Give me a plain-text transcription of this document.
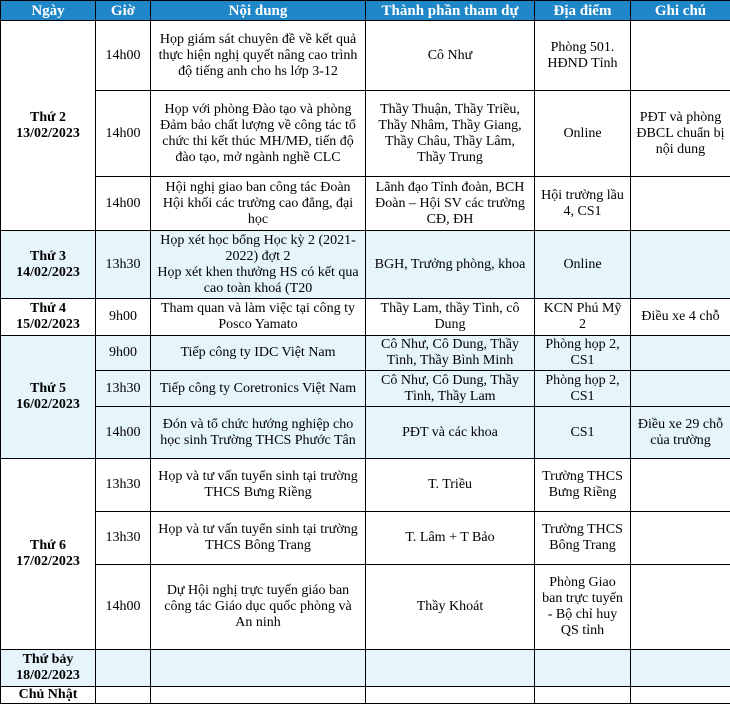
Ngày	Giờ	Nội dung	Thành phần tham dự	Địa điểm	Ghi chú

Thứ 2
13/02/2023	14h00	Họp giám sát chuyên đề về kết quả thực hiện nghị quyết nâng cao trình độ tiếng anh cho hs lớp 3-12	Cô Như	Phòng 501. HĐND Tỉnh	
	14h00	Họp với phòng Đào tạo và phòng Đảm bảo chất lượng về công tác tổ chức thi kết thúc MH/MĐ, tiến độ đào tạo, mở ngành nghề CLC	Thầy Thuận, Thầy Triều, Thầy Nhâm, Thầy Giang, Thầy Châu, Thầy Lâm, Thầy Trung	Online	PĐT và phòng ĐBCL chuẩn bị nội dung
	14h00	Hội nghị giao ban công tác Đoàn Hội khối các trường cao đẳng, đại học	Lãnh đạo Tỉnh đoàn, BCH Đoàn – Hội SV các trường CĐ, ĐH	Hội trường lầu 4, CS1	

Thứ 3
14/02/2023	13h30	Họp xét học bổng Học kỳ 2 (2021-2022) đợt 2
Họp xét khen thưởng HS có kết qua cao toàn khoá (T20	BGH, Trưởng phòng, khoa	Online	

Thứ 4
15/02/2023	9h00	Tham quan và làm việc tại công ty Posco Yamato	Thầy Lam, thầy Tình, cô Dung	KCN Phú Mỹ 2	Điều xe 4 chỗ

Thứ 5
16/02/2023	9h00	Tiếp công ty IDC Việt Nam	Cô Như, Cô Dung, Thầy Tình, Thầy Bình Minh	Phòng họp 2, CS1	
	13h30	Tiếp công ty Coretronics Việt Nam	Cô Như, Cô Dung, Thầy Tình, Thầy Lam	Phòng họp 2, CS1	
	14h00	Đón và tổ chức hướng nghiệp cho học sinh Trường THCS Phước Tân	PĐT và các khoa	CS1	Điều xe 29 chỗ của trường

Thứ 6
17/02/2023	13h30	Họp và tư vấn tuyển sinh tại trường THCS Bưng Riềng	T. Triều	Trường THCS Bưng Riềng	
	13h30	Họp và tư vấn tuyển sinh tại trường THCS Bông Trang	T. Lâm + T Bảo	Trường THCS Bông Trang	
	14h00	Dự Hội nghị trực tuyến giáo ban công tác Giáo dục quốc phòng và An ninh	Thầy Khoát	Phòng Giao ban trực tuyến - Bộ chỉ huy QS tỉnh	

Thứ bảy
18/02/2023					

Chủ Nhật					
